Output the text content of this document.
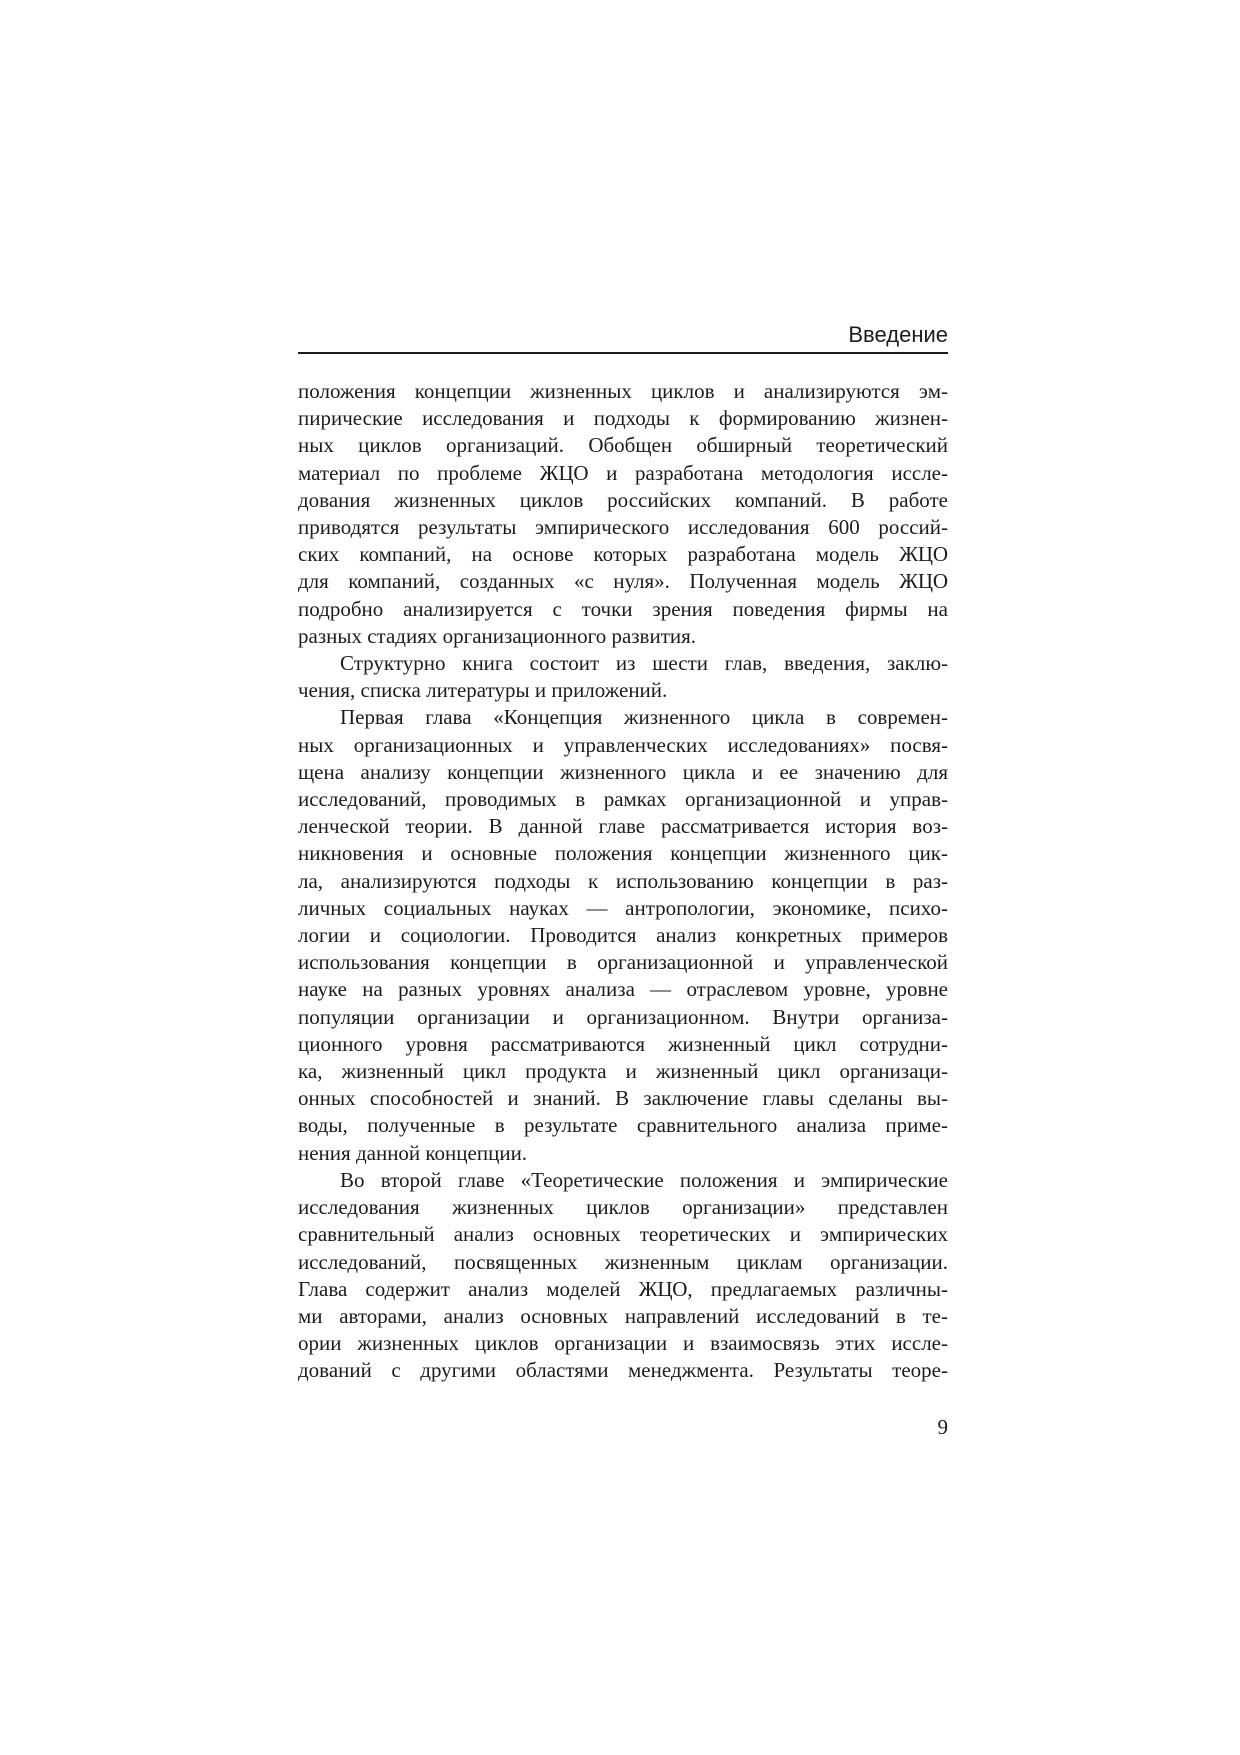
Введение
положения концепции жизненных циклов и анализируются эм-
пирические исследования и подходы к формированию жизнен-
ных циклов организаций. Обобщен обширный теоретический
материал по проблеме ЖЦО и разработана методология иссле-
дования жизненных циклов российских компаний. В работе
приводятся результаты эмпирического исследования 600 россий-
ских компаний, на основе которых разработана модель ЖЦО
для компаний, созданных «с нуля». Полученная модель ЖЦО
подробно анализируется с точки зрения поведения фирмы на
разных стадиях организационного развития.
Структурно книга состоит из шести глав, введения, заклю-
чения, списка литературы и приложений.
Первая глава «Концепция жизненного цикла в современ-
ных организационных и управленческих исследованиях» посвя-
щена анализу концепции жизненного цикла и ее значению для
исследований, проводимых в рамках организационной и управ-
ленческой теории. В данной главе рассматривается история воз-
никновения и основные положения концепции жизненного цик-
ла, анализируются подходы к использованию концепции в раз-
личных социальных науках — антропологии, экономике, психо-
логии и социологии. Проводится анализ конкретных примеров
использования концепции в организационной и управленческой
науке на разных уровнях анализа — отраслевом уровне, уровне
популяции организации и организационном. Внутри организа-
ционного уровня рассматриваются жизненный цикл сотрудни-
ка, жизненный цикл продукта и жизненный цикл организаци-
онных способностей и знаний. В заключение главы сделаны вы-
воды, полученные в результате сравнительного анализа приме-
нения данной концепции.
Во второй главе «Теоретические положения и эмпирические
исследования жизненных циклов организации» представлен
сравнительный анализ основных теоретических и эмпирических
исследований, посвященных жизненным циклам организации.
Глава содержит анализ моделей ЖЦО, предлагаемых различны-
ми авторами, анализ основных направлений исследований в те-
ории жизненных циклов организации и взаимосвязь этих иссле-
дований с другими областями менеджмента. Результаты теоре-
9
